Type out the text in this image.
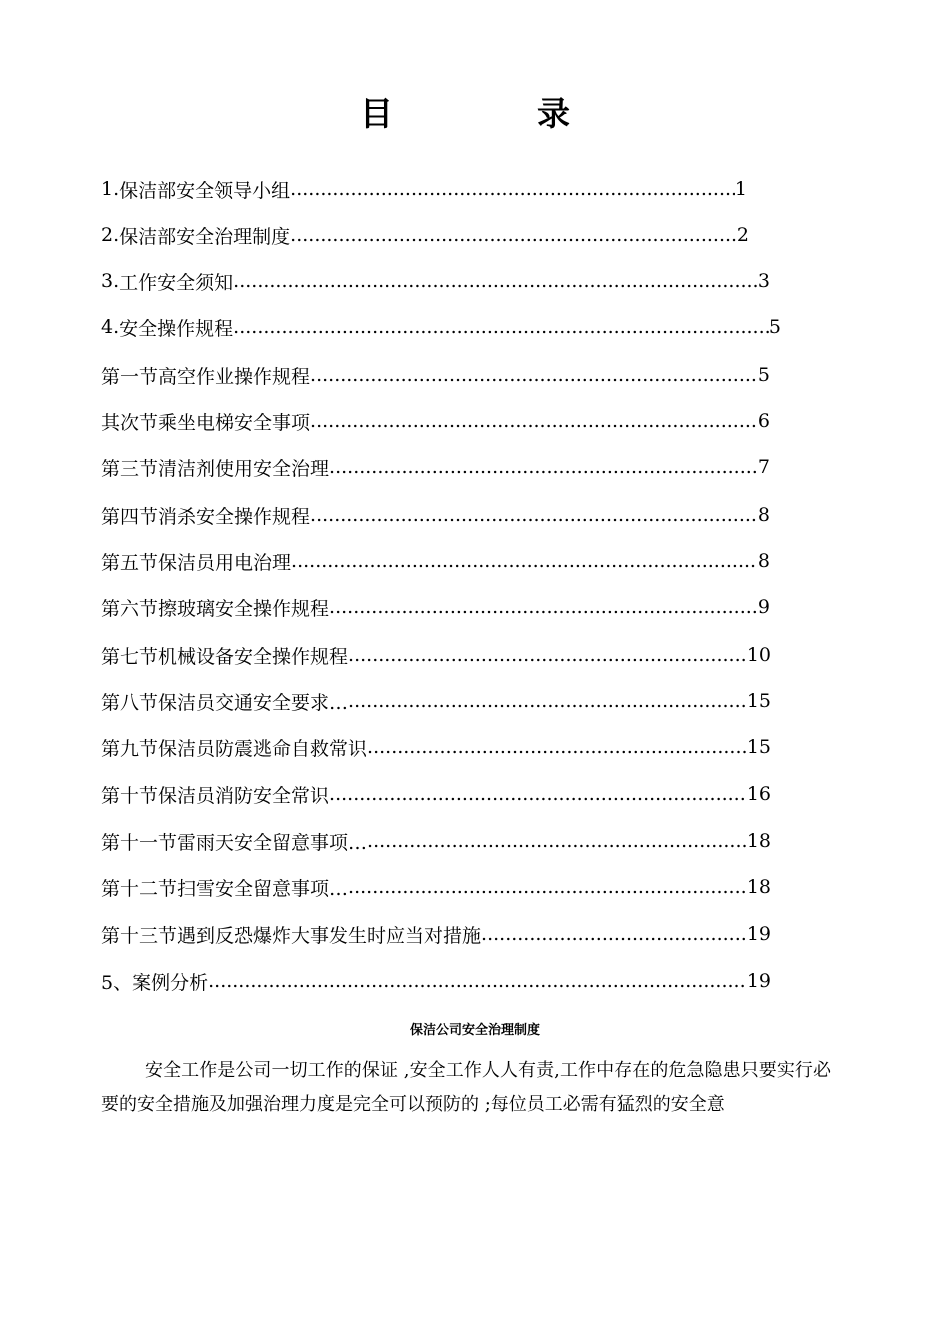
目	录
1. 保洁部安全领导小组 .....	1
2. 保洁部安全治理制度 .....	2
3. 工作安全须知 .....	3
4. 安全操作规程 .....	5
第一节 高空作业操作规程 .....	5
其次节 乘坐电梯安全事项 .....	6
第三节 清洁剂使用安全治理 .....	7
第四节 消杀安全操作规程 .....	8
第五节 保洁员用电治理 .....	8
第六节 擦玻璃安全操作规程 .....	9
第七节 机械设备安全操作规程 .....	10
第八节 保洁员交通安全要求… .....	15
第九节 保洁员防震逃命自救常识 .....	15
第十节 保洁员消防安全常识 .....	16
第十一节 雷雨天安全留意事项… .....	18
第十二节 扫雪安全留意事项… .....	18
第十三节 遇到反恐爆炸大事发生时应当对措施 .....	19
5、 案例分析 .....	19
保洁公司安全治理制度
安全工作是公司一切工作的保证 ,安全工作人人有责,工作中存在的危急隐患只要实行必要的安全措施及加强治理力度是完全可以预防的 ;每位员工必需有猛烈的安全意
